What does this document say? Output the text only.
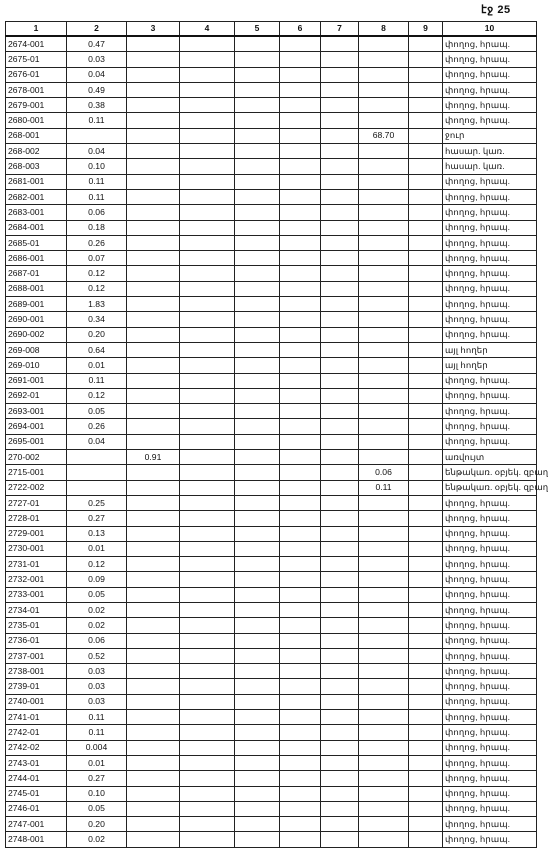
էջ 25
1	2	3	4	5	6	7	8	9	10
2674-001	0.47								փողոց, հրապ.
2675-01	0.03								փողոց, հրապ.
2676-01	0.04								փողոց, հրապ.
2678-001	0.49								փողոց, հրապ.
2679-001	0.38								փողոց, հրապ.
2680-001	0.11								փողոց, հրապ.
268-001							68.70		ջուր
268-002	0.04								հասար. կառ.
268-003	0.10								հասար. կառ.
2681-001	0.11								փողոց, հրապ.
2682-001	0.11								փողոց, հրապ.
2683-001	0.06								փողոց, հրապ.
2684-001	0.18								փողոց, հրապ.
2685-01	0.26								փողոց, հրապ.
2686-001	0.07								փողոց, հրապ.
2687-01	0.12								փողոց, հրապ.
2688-001	0.12								փողոց, հրապ.
2689-001	1.83								փողոց, հրապ.
2690-001	0.34								փողոց, հրապ.
2690-002	0.20								փողոց, հրապ.
269-008	0.64								այլ հողեր
269-010	0.01								այլ հողեր
2691-001	0.11								փողոց, հրապ.
2692-01	0.12								փողոց, հրապ.
2693-001	0.05								փողոց, հրապ.
2694-001	0.26								փողոց, հրապ.
2695-001	0.04								փողոց, հրապ.
270-002		0.91							առվույտ
2715-001							0.06		ենթակառ. օբյեկ. զբաղ
2722-002							0.11		ենթակառ. օբյեկ. զբաղ
2727-01	0.25								փողոց, հրապ.
2728-01	0.27								փողոց, հրապ.
2729-001	0.13								փողոց, հրապ.
2730-001	0.01								փողոց, հրապ.
2731-01	0.12								փողոց, հրապ.
2732-001	0.09								փողոց, հրապ.
2733-001	0.05								փողոց, հրապ.
2734-01	0.02								փողոց, հրապ.
2735-01	0.02								փողոց, հրապ.
2736-01	0.06								փողոց, հրապ.
2737-001	0.52								փողոց, հրապ.
2738-001	0.03								փողոց, հրապ.
2739-01	0.03								փողոց, հրապ.
2740-001	0.03								փողոց, հրապ.
2741-01	0.11								փողոց, հրապ.
2742-01	0.11								փողոց, հրապ.
2742-02	0.004								փողոց, հրապ.
2743-01	0.01								փողոց, հրապ.
2744-01	0.27								փողոց, հրապ.
2745-01	0.10								փողոց, հրապ.
2746-01	0.05								փողոց, հրապ.
2747-001	0.20								փողոց, հրապ.
2748-001	0.02								փողոց, հրապ.
